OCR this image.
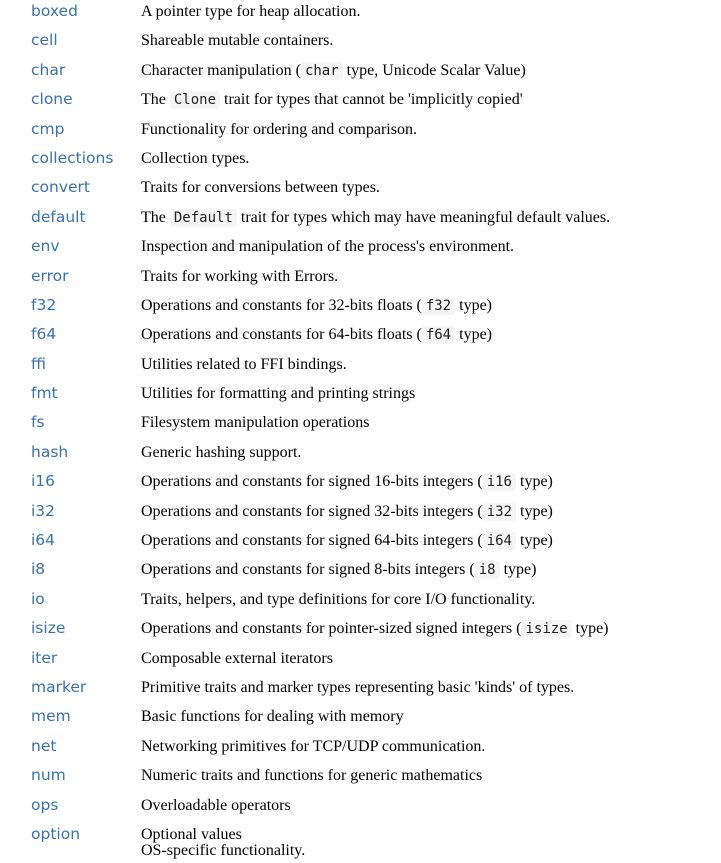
boxed	A pointer type for heap allocation.
cell	Shareable mutable containers.
char	Character manipulation ( char type, Unicode Scalar Value)
clone	The Clone trait for types that cannot be 'implicitly copied'
cmp	Functionality for ordering and comparison.
collections	Collection types.
convert	Traits for conversions between types.
default	The Default trait for types which may have meaningful default values.
env	Inspection and manipulation of the process's environment.
error	Traits for working with Errors.
f32	Operations and constants for 32-bits floats ( f32 type)
f64	Operations and constants for 64-bits floats ( f64 type)
ffi	Utilities related to FFI bindings.
fmt	Utilities for formatting and printing strings
fs	Filesystem manipulation operations
hash	Generic hashing support.
i16	Operations and constants for signed 16-bits integers ( i16 type)
i32	Operations and constants for signed 32-bits integers ( i32 type)
i64	Operations and constants for signed 64-bits integers ( i64 type)
i8	Operations and constants for signed 8-bits integers ( i8 type)
io	Traits, helpers, and type definitions for core I/O functionality.
isize	Operations and constants for pointer-sized signed integers ( isize type)
iter	Composable external iterators
marker	Primitive traits and marker types representing basic 'kinds' of types.
mem	Basic functions for dealing with memory
net	Networking primitives for TCP/UDP communication.
num	Numeric traits and functions for generic mathematics
ops	Overloadable operators
option	Optional values
OS-specific functionality.
